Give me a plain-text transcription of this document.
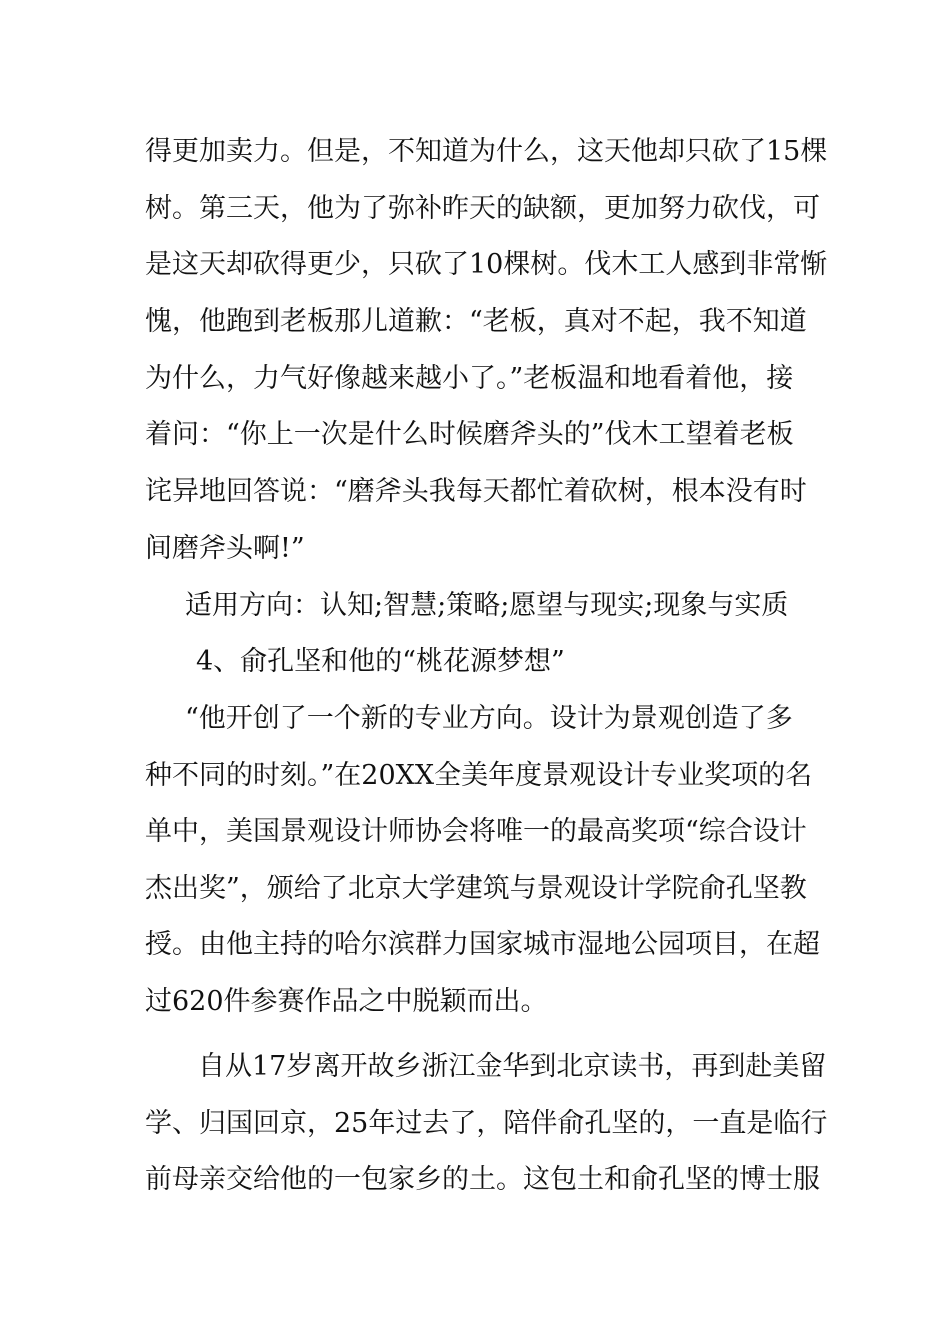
得更加卖力。但是，不知道为什么，这天他却只砍了15棵
树。第三天，他为了弥补昨天的缺额，更加努力砍伐，可
是这天却砍得更少，只砍了10棵树。伐木工人感到非常惭
愧，他跑到老板那儿道歉：“老板，真对不起，我不知道
为什么，力气好像越来越小了。”老板温和地看着他，接
着问：“你上一次是什么时候磨斧头的”伐木工望着老板
诧异地回答说：“磨斧头我每天都忙着砍树，根本没有时
间磨斧头啊!”
适用方向：认知;智慧;策略;愿望与现实;现象与实质
4、俞孔坚和他的“桃花源梦想”
“他开创了一个新的专业方向。设计为景观创造了多
种不同的时刻。”在20XX全美年度景观设计专业奖项的名
单中，美国景观设计师协会将唯一的最高奖项“综合设计
杰出奖”，颁给了北京大学建筑与景观设计学院俞孔坚教
授。由他主持的哈尔滨群力国家城市湿地公园项目，在超
过620件参赛作品之中脱颖而出。
自从17岁离开故乡浙江金华到北京读书，再到赴美留
学、归国回京，25年过去了，陪伴俞孔坚的，一直是临行
前母亲交给他的一包家乡的土。这包土和俞孔坚的博士服
